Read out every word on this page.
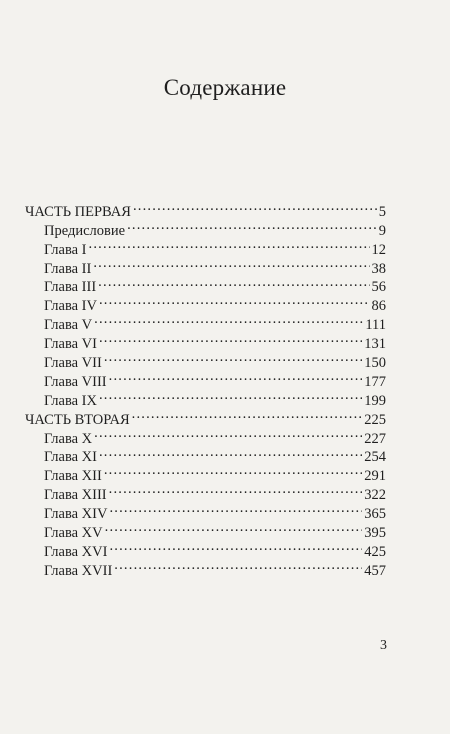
Содержание
ЧАСТЬ ПЕРВАЯ .....	5
Предисловие .....	9
Глава I .....	12
Глава II .....	38
Глава III .....	56
Глава IV .....	86
Глава V .....	111
Глава VI .....	131
Глава VII .....	150
Глава VIII .....	177
Глава IX .....	199
ЧАСТЬ ВТОРАЯ .....	225
Глава X .....	227
Глава XI .....	254
Глава XII .....	291
Глава XIII .....	322
Глава XIV .....	365
Глава XV .....	395
Глава XVI .....	425
Глава XVII .....	457
3
